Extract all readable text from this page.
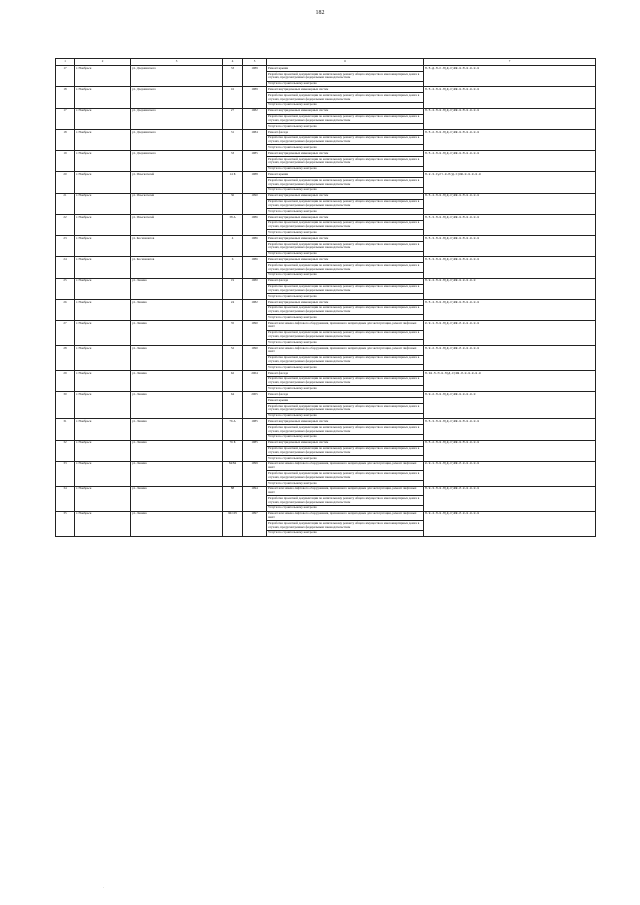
182
1	2	3	4	5	6	7
17	г. Ноябрьск	ул. Дзержинского	33	1989	Ремонт крыши
Разработка проектной документации по капитальному ремонту общего имущества в многоквартирных домах в случаях, предусмотренных федеральным законодательством
Услуги по строительному контролю	П-5-Д-П-С-П(Д-С)КВ-0-М-0-0-0-0
18	г. Ноябрьск	ул. Дзержинского	16	1989	Ремонт внутридомовых инженерных систем
Разработка проектной документации по капитальному ремонту общего имущества в многоквартирных домах в случаях, предусмотренных федеральным законодательством
Услуги по строительному контролю	П-5-4-П-0-П(Д-С)КВ-0-М-0-0-0-0
17	г. Ноябрьск	ул. Дзержинского	27	1982	Ремонт внутридомовых инженерных систем
Разработка проектной документации по капитальному ремонту общего имущества в многоквартирных домах в случаях, предусмотренных федеральным законодательством
Услуги по строительному контролю	П-5-4-П-0-П(Д-С)КВ-0-М-0-0-0-0
18	г. Ноябрьск	ул. Дзержинского	31	1984	Ремонт фасада
Разработка проектной документации по капитальному ремонту общего имущества в многоквартирных домах в случаях, предусмотренных федеральным законодательством
Услуги по строительному контролю	П-5-2-П-0-П(Д-С)КВ-0-М-0-0-0-0
19	г. Ноябрьск	ул. Дзержинского	33	1985	Ремонт внутридомовых инженерных систем
Разработка проектной документации по капитальному ремонту общего имущества в многоквартирных домах в случаях, предусмотренных федеральным законодательством
Услуги по строительному контролю	П-5-4-П-0-П(Д-С)КВ-0-М-0-0-0-0
20	г. Ноябрьск	ул. Изыскателей	14 Б	1988	Ремонт крыши
Разработка проектной документации по капитальному ремонту общего имущества в многоквартирных домах в случаях, предусмотренных федеральным законодательством
Услуги по строительному контролю	П-2-3-Султ-0-П(Д-С)КВ-0-0-0-0-0
21	г. Ноябрьск	ул. Изыскателей	36	1990	Ремонт внутридомовых инженерных систем
Разработка проектной документации по капитальному ремонту общего имущества в многоквартирных домах в случаях, предусмотренных федеральным законодательством
Услуги по строительному контролю	П-5-4-П-0-П(Д-С)КВ-0-М-0-0-0-0
22	г. Ноябрьск	ул. Изыскателей	38 А	1986	Ремонт внутридомовых инженерных систем
Разработка проектной документации по капитальному ремонту общего имущества в многоквартирных домах в случаях, предусмотренных федеральным законодательством
Услуги по строительному контролю	П-5-3-П-0-П(Д-С)КВ-0-М-0-0-0-0
23	г. Ноябрьск	ул. Космонавтов	4	1986	Ремонт внутридомовых инженерных систем
Разработка проектной документации по капитальному ремонту общего имущества в многоквартирных домах в случаях, предусмотренных федеральным законодательством
Услуги по строительному контролю	П-5-3-П-0-П(Д-С)КВ-0-М-0-0-0-0
24	г. Ноябрьск	ул. Космонавтов	6	1986	Ремонт внутридомовых инженерных систем
Разработка проектной документации по капитальному ремонту общего имущества в многоквартирных домах в случаях, предусмотренных федеральным законодательством
Услуги по строительному контролю	П-5-3-П-0-П(Д-С)КВ-0-М-0-0-0-0
25	г. Ноябрьск	ул. Ленина	19	1980	Ремонт фасада
Разработка проектной документации по капитальному ремонту общего имущества в многоквартирных домах в случаях, предусмотренных федеральным законодательством
Услуги по строительному контролю	П-9-4-П-0-П(Д-С)КВ-0-0-0-0-0
26	г. Ноябрьск	ул. Ленина	24	1982	Ремонт внутридомовых инженерных систем
Разработка проектной документации по капитальному ремонту общего имущества в многоквартирных домах в случаях, предусмотренных федеральным законодательством
Услуги по строительному контролю	П-5-4-П-0-П(Д-С)КВ-0-М-0-0-0-0
27	г. Ноябрьск	ул. Ленина	35	1990	Ремонт или замена лифтового оборудования, признанного непригодным для эксплуатации, ремонт лифтовых шахт
Разработка проектной документации по капитальному ремонту общего имущества в многоквартирных домах в случаях, предусмотренных федеральным законодательством
Услуги по строительному контролю	К-9-1-П-0-П(Д-С)КВ-Л-0-0-0-0-0
28	г. Ноябрьск	ул. Ленина	52	1990	Ремонт или замена лифтового оборудования, признанного непригодным для эксплуатации, ремонт лифтовых шахт
Разработка проектной документации по капитальному ремонту общего имущества в многоквартирных домах в случаях, предусмотренных федеральным законодательством
Услуги по строительному контролю	П-9-2-П-0-П(Д-С)КВ-Л-0-0-0-0-0
29	г. Ноябрьск	ул. Ленина	62	2004	Ремонт фасада
Разработка проектной документации по капитальному ремонту общего имущества в многоквартирных домах в случаях, предусмотренных федеральным законодательством
Услуги по строительному контролю	П-10-5-П-0-П(Д-С)КВ-Л-0-0-0-0-0
30	г. Ноябрьск	ул. Ленина	64	2005	Ремонт фасада
Ремонт крыши
Разработка проектной документации по капитальному ремонту общего имущества в многоквартирных домах в случаях, предусмотренных федеральным законодательством
Услуги по строительному контролю	П-9-2-П-0-П(Д-С)КВ-0-0-0-0-0
31	г. Ноябрьск	ул. Ленина	76 А	1985	Ремонт внутридомовых инженерных систем
Разработка проектной документации по капитальному ремонту общего имущества в многоквартирных домах в случаях, предусмотренных федеральным законодательством
Услуги по строительному контролю	П-5-3-П-0-П(Д-С)КВ-0-М-0-0-0-0
32	г. Ноябрьск	ул. Ленина	76 Б	1985	Ремонт внутридомовых инженерных систем
Разработка проектной документации по капитальному ремонту общего имущества в многоквартирных домах в случаях, предусмотренных федеральным законодательством
Услуги по строительному контролю	П-5-2-П-0-П(Д-С)КВ-0-М-0-0-0-0
33	г. Ноябрьск	ул. Ленина	84/84	1999	Ремонт или замена лифтового оборудования, признанного непригодным для эксплуатации, ремонт лифтовых шахт
Разработка проектной документации по капитальному ремонту общего имущества в многоквартирных домах в случаях, предусмотренных федеральным законодательством
Услуги по строительному контролю	К-9-1-П-0-П(Д-С)КВ-Л-0-0-0-0-0
34	г. Ноябрьск	ул. Ленина	88	1994	Ремонт или замена лифтового оборудования, признанного непригодным для эксплуатации, ремонт лифтовых шахт
Разработка проектной документации по капитальному ремонту общего имущества в многоквартирных домах в случаях, предусмотренных федеральным законодательством
Услуги по строительному контролю	П-9-3-П-0-П(Д-С)КВ-Л-0-0-0-0-0
35	г. Ноябрьск	ул. Ленина	96/105	1997	Ремонт или замена лифтового оборудования, признанного непригодным для эксплуатации, ремонт лифтовых шахт
Разработка проектной документации по капитальному ремонту общего имущества в многоквартирных домах в случаях, предусмотренных федеральным законодательством
Услуги по строительному контролю	П-9-4-П-0-П(Д-С)КВ-Л-0-0-0-0-0
·
